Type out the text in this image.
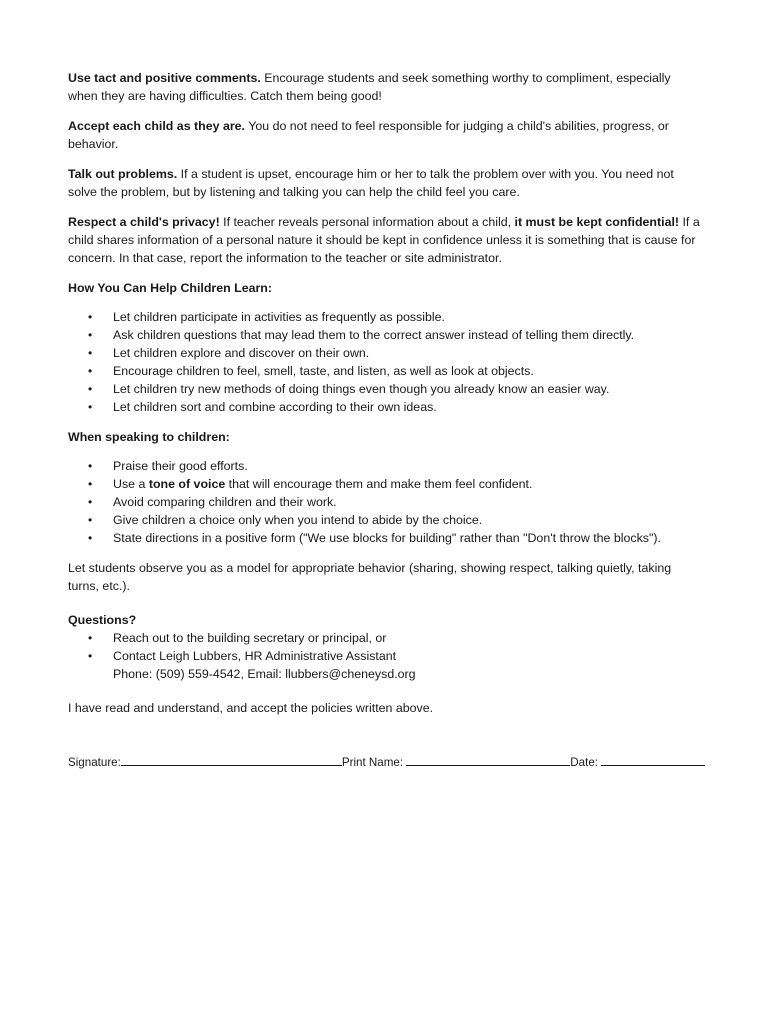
Use tact and positive comments. Encourage students and seek something worthy to compliment, especially when they are having difficulties. Catch them being good!

Accept each child as they are. You do not need to feel responsible for judging a child's abilities, progress, or behavior.

Talk out problems. If a student is upset, encourage him or her to talk the problem over with you. You need not solve the problem, but by listening and talking you can help the child feel you care.

Respect a child's privacy! If teacher reveals personal information about a child, it must be kept confidential! If a child shares information of a personal nature it should be kept in confidence unless it is something that is cause for concern. In that case, report the information to the teacher or site administrator.

How You Can Help Children Learn:
• Let children participate in activities as frequently as possible.
• Ask children questions that may lead them to the correct answer instead of telling them directly.
• Let children explore and discover on their own.
• Encourage children to feel, smell, taste, and listen, as well as look at objects.
• Let children try new methods of doing things even though you already know an easier way.
• Let children sort and combine according to their own ideas.
When speaking to children:
• Praise their good efforts.
• Use a tone of voice that will encourage them and make them feel confident.
• Avoid comparing children and their work.
• Give children a choice only when you intend to abide by the choice.
• State directions in a positive form ("We use blocks for building" rather than "Don't throw the blocks").

Let students observe you as a model for appropriate behavior (sharing, showing respect, talking quietly, taking turns, etc.).

Questions?
• Reach out to the building secretary or principal, or
• Contact Leigh Lubbers, HR Administrative Assistant
Phone: (509) 559-4542, Email: llubbers@cheneysd.org

I have read and understand, and accept the policies written above.

Signature:	Print Name:	Date:
